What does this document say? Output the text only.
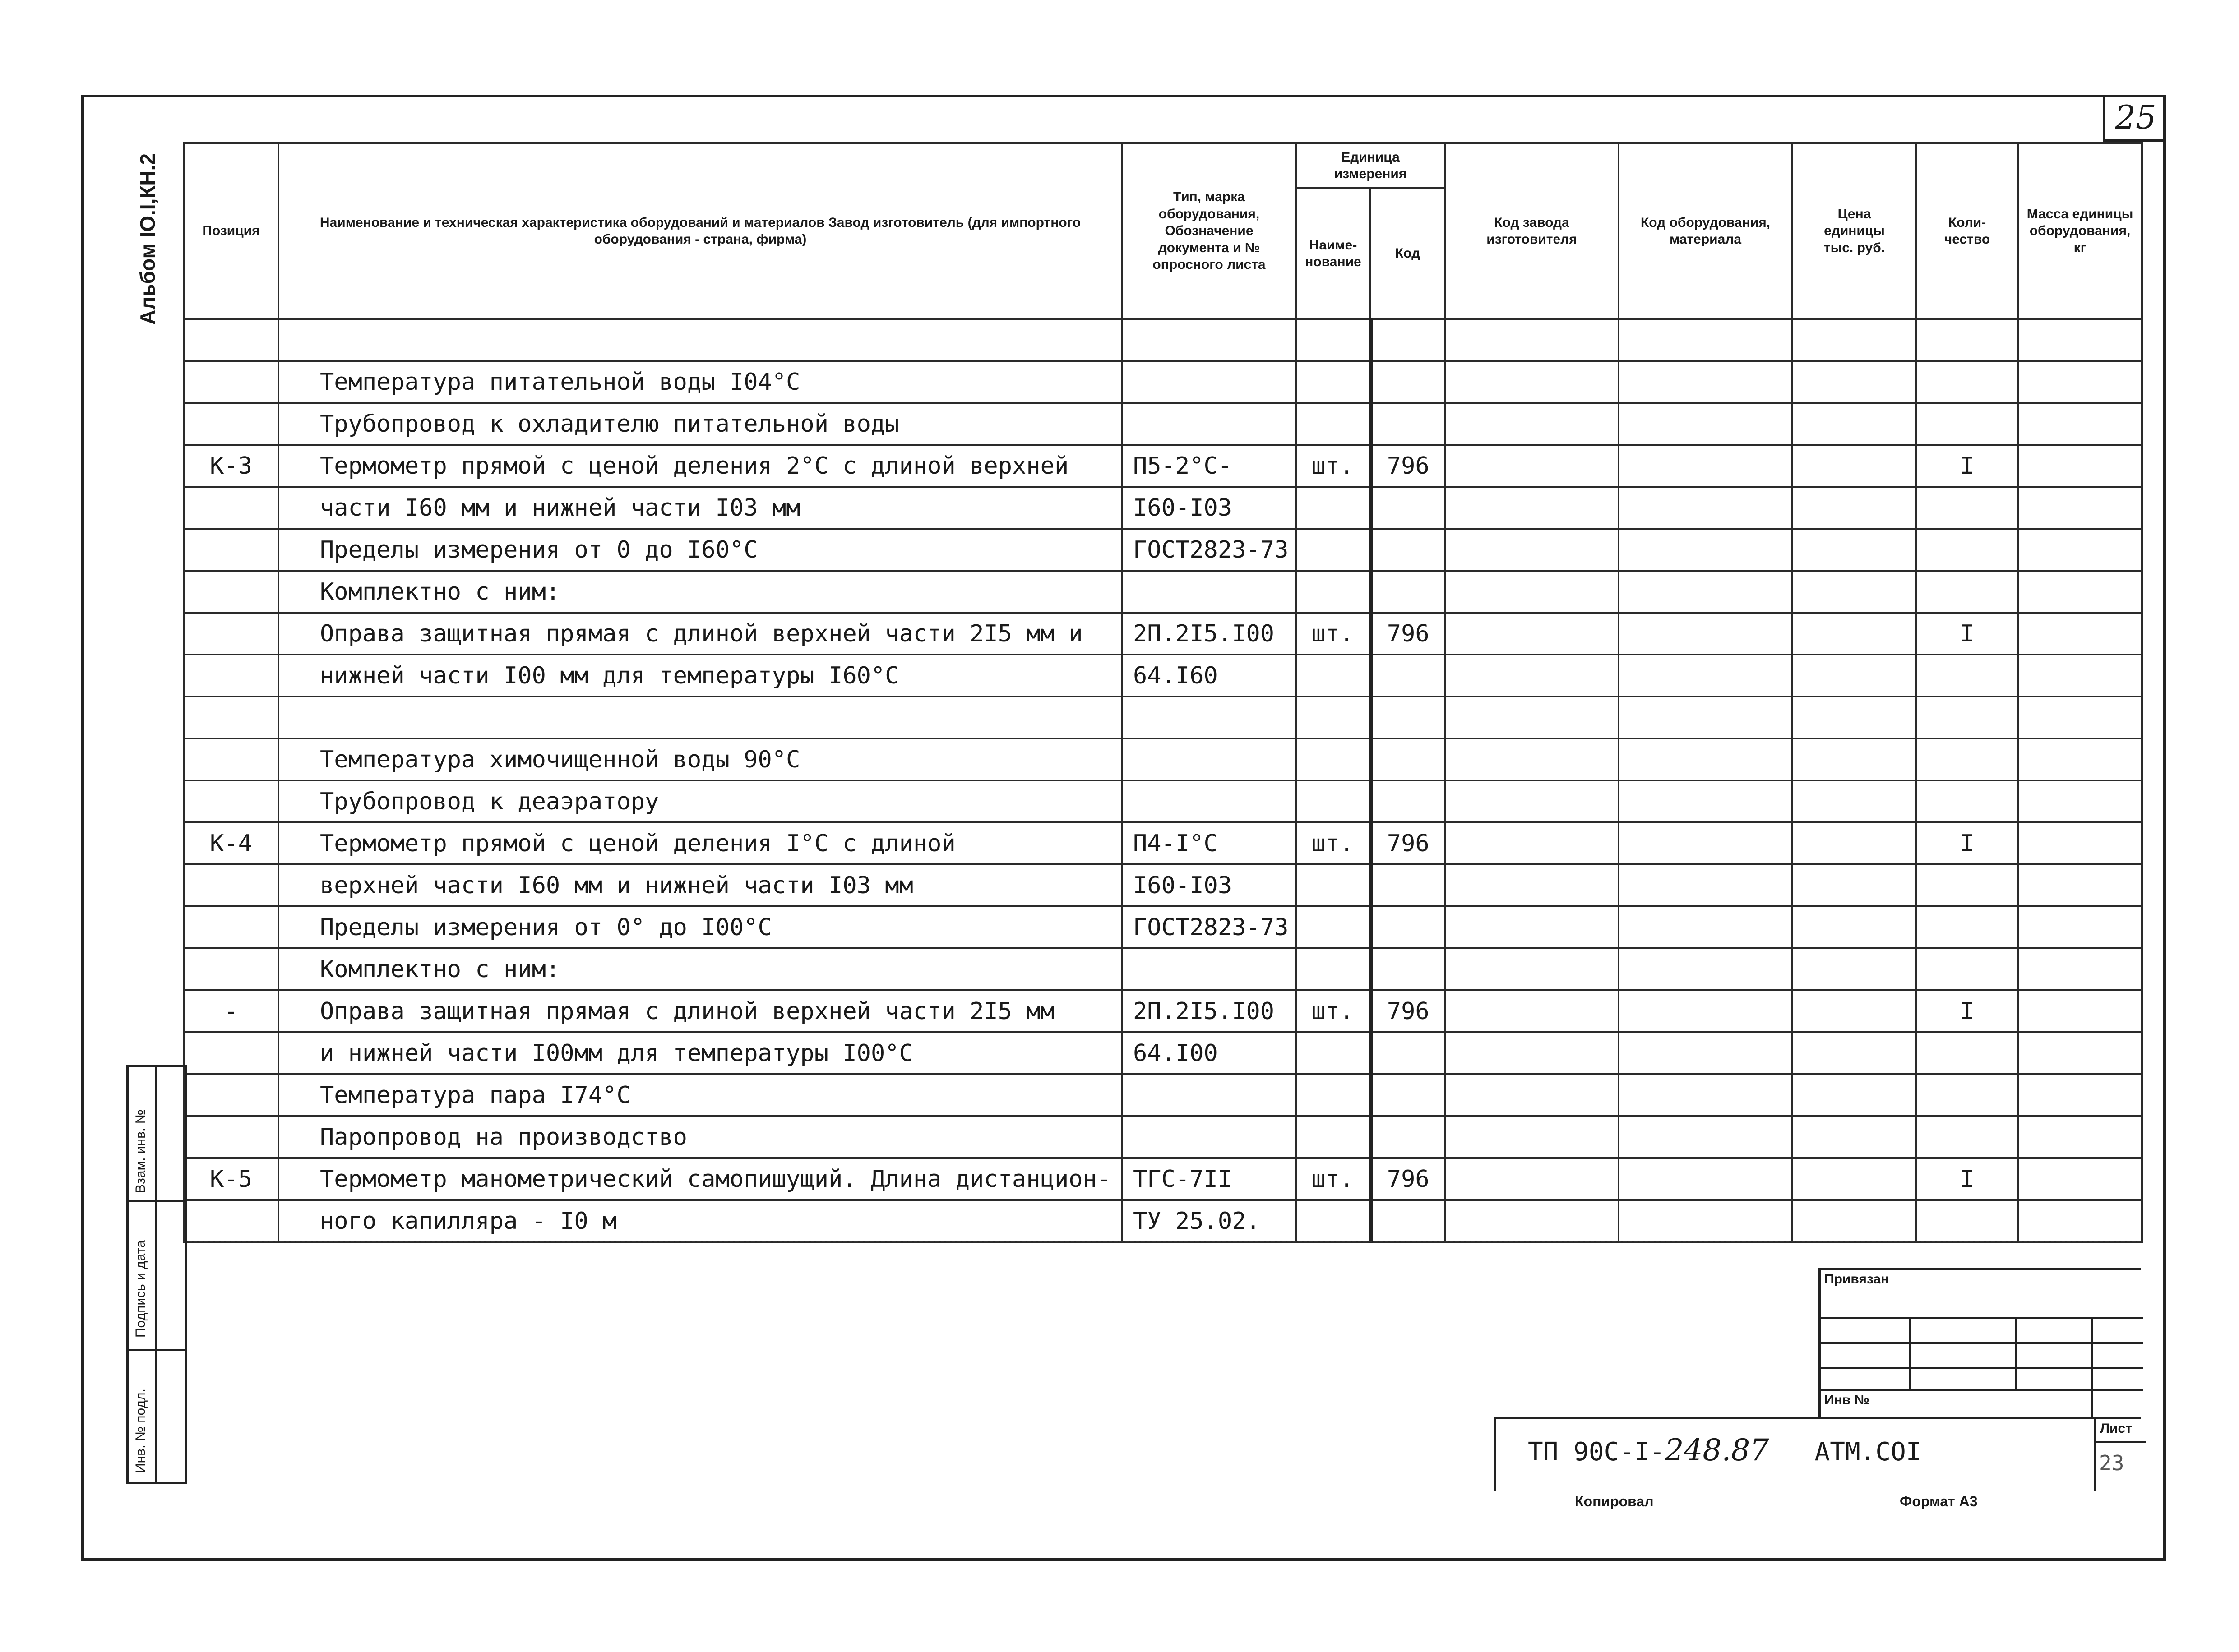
25
Альбом IO.I,КН.2	Позиция	Наименование и техническая характеристика оборудований и материалов Завод изготовитель (для импортного оборудования - страна, фирма)	Тип, марка оборудования, Обозначение документа и № опросного листа	Единица измерения		Код завода изготовителя	Код оборудования, материала	Цена единицы тыс. руб.	Коли-чество	Масса единицы оборудования, кг
			Наиме-нование	Код					

	Температура питательной воды I04°C								
	Трубопровод к охладителю питательной воды								
К-3	Термометр прямой с ценой деления 2°C с длиной верхней	П5-2°C-	шт.	796				I	
	части I60 мм и нижней части I03 мм	I60-I03							
	Пределы измерения от 0 до I60°C	ГОСТ2823-73							
	Комплектно с ним:								
	Оправа защитная прямая с длиной верхней части 2I5 мм и	2П.2I5.I00	шт.	796				I	
	нижней части I00 мм для температуры I60°C	64.I60							

	Температура химочищенной воды 90°C								
	Трубопровод к деаэратору								
К-4	Термометр прямой с ценой деления I°C с длиной	П4-I°C	шт.	796				I	
	верхней части I60 мм и нижней части I03 мм	I60-I03							
	Пределы измерения от 0° до I00°C	ГОСТ2823-73							
	Комплектно с ним:								
-	Оправа защитная прямая с длиной верхней части 2I5 мм	2П.2I5.I00	шт.	796				I	
	и нижней части I00мм для температуры I00°C	64.I00							
	Температура пара I74°C								
	Паропровод на производство								
К-5	Термометр манометрический самопишущий. Длина дистанцион-	ТГС-7II	шт.	796				I	
	ного капилляра - I0 м	ТУ 25.02.							
Взам. инв. №
Подпись и дата
Инв. № подл.
Привязан
Инв №
ТП 90С-I-248.87 АТМ.СОI
Лист
23
Копировал	Формат А3
